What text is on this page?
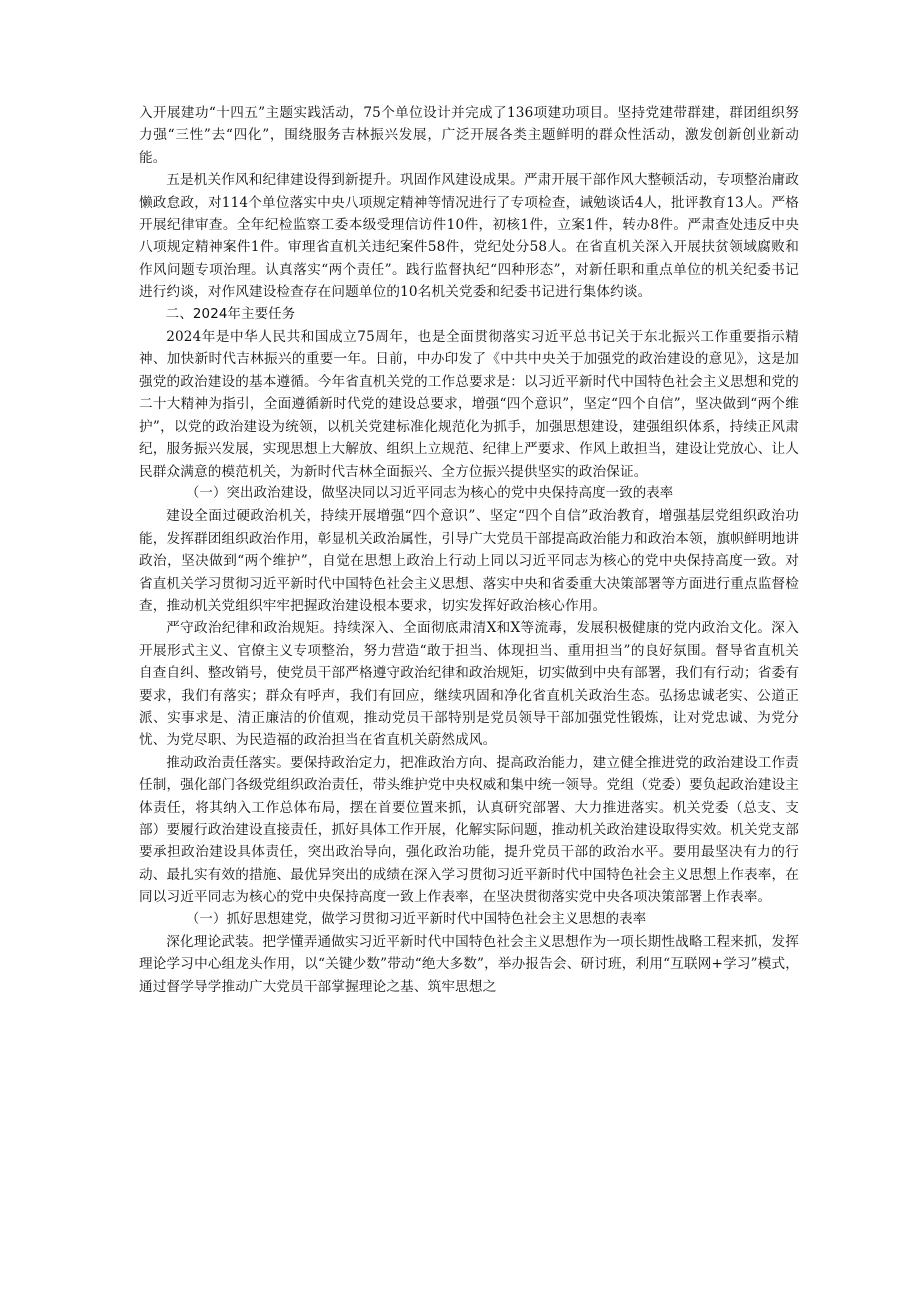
入开展建功“十四五”主题实践活动，75个单位设计并完成了136项建功项目。坚持党建带群建，群团组织努力强“三性”去“四化”，围绕服务吉林振兴发展，广泛开展各类主题鲜明的群众性活动，激发创新创业新动能。

五是机关作风和纪律建设得到新提升。巩固作风建设成果。严肃开展干部作风大整顿活动，专项整治庸政懒政怠政，对114个单位落实中央八项规定精神等情况进行了专项检查，诫勉谈话4人，批评教育13人。严格开展纪律审查。全年纪检监察工委本级受理信访件10件，初核1件，立案1件，转办8件。严肃查处违反中央八项规定精神案件1件。审理省直机关违纪案件58件，党纪处分58人。在省直机关深入开展扶贫领域腐败和作风问题专项治理。认真落实“两个责任”。践行监督执纪“四种形态”，对新任职和重点单位的机关纪委书记进行约谈，对作风建设检查存在问题单位的10名机关党委和纪委书记进行集体约谈。

二、2024年主要任务

2024年是中华人民共和国成立75周年，也是全面贯彻落实习近平总书记关于东北振兴工作重要指示精神、加快新时代吉林振兴的重要一年。日前，中办印发了《中共中央关于加强党的政治建设的意见》，这是加强党的政治建设的基本遵循。今年省直机关党的工作总要求是：以习近平新时代中国特色社会主义思想和党的二十大精神为指引，全面遵循新时代党的建设总要求，增强“四个意识”，坚定“四个自信”，坚决做到“两个维护”，以党的政治建设为统领，以机关党建标准化规范化为抓手，加强思想建设，建强组织体系，持续正风肃纪，服务振兴发展，实现思想上大解放、组织上立规范、纪律上严要求、作风上敢担当，建设让党放心、让人民群众满意的模范机关，为新时代吉林全面振兴、全方位振兴提供坚实的政治保证。

（一）突出政治建设，做坚决同以习近平同志为核心的党中央保持高度一致的表率

建设全面过硬政治机关，持续开展增强“四个意识”、坚定“四个自信”政治教育，增强基层党组织政治功能，发挥群团组织政治作用，彰显机关政治属性，引导广大党员干部提高政治能力和政治本领，旗帜鲜明地讲政治，坚决做到“两个维护”，自觉在思想上政治上行动上同以习近平同志为核心的党中央保持高度一致。对省直机关学习贯彻习近平新时代中国特色社会主义思想、落实中央和省委重大决策部署等方面进行重点监督检查，推动机关党组织牢牢把握政治建设根本要求，切实发挥好政治核心作用。

严守政治纪律和政治规矩。持续深入、全面彻底肃清X和X等流毒，发展积极健康的党内政治文化。深入开展形式主义、官僚主义专项整治，努力营造“敢于担当、体现担当、重用担当”的良好氛围。督导省直机关自查自纠、整改销号，使党员干部严格遵守政治纪律和政治规矩，切实做到中央有部署，我们有行动；省委有要求，我们有落实；群众有呼声，我们有回应，继续巩固和净化省直机关政治生态。弘扬忠诚老实、公道正派、实事求是、清正廉洁的价值观，推动党员干部特别是党员领导干部加强党性锻炼，让对党忠诚、为党分忧、为党尽职、为民造福的政治担当在省直机关蔚然成风。

推动政治责任落实。要保持政治定力，把准政治方向、提高政治能力，建立健全推进党的政治建设工作责任制，强化部门各级党组织政治责任，带头维护党中央权威和集中统一领导。党组（党委）要负起政治建设主体责任，将其纳入工作总体布局，摆在首要位置来抓，认真研究部署、大力推进落实。机关党委（总支、支部）要履行政治建设直接责任，抓好具体工作开展，化解实际问题，推动机关政治建设取得实效。机关党支部要承担政治建设具体责任，突出政治导向，强化政治功能，提升党员干部的政治水平。要用最坚决有力的行动、最扎实有效的措施、最优异突出的成绩在深入学习贯彻习近平新时代中国特色社会主义思想上作表率，在同以习近平同志为核心的党中央保持高度一致上作表率，在坚决贯彻落实党中央各项决策部署上作表率。

（一）抓好思想建党，做学习贯彻习近平新时代中国特色社会主义思想的表率

深化理论武装。把学懂弄通做实习近平新时代中国特色社会主义思想作为一项长期性战略工程来抓，发挥理论学习中心组龙头作用，以“关键少数”带动“绝大多数”，举办报告会、研讨班，利用“互联网+学习”模式，通过督学导学推动广大党员干部掌握理论之基、筑牢思想之
